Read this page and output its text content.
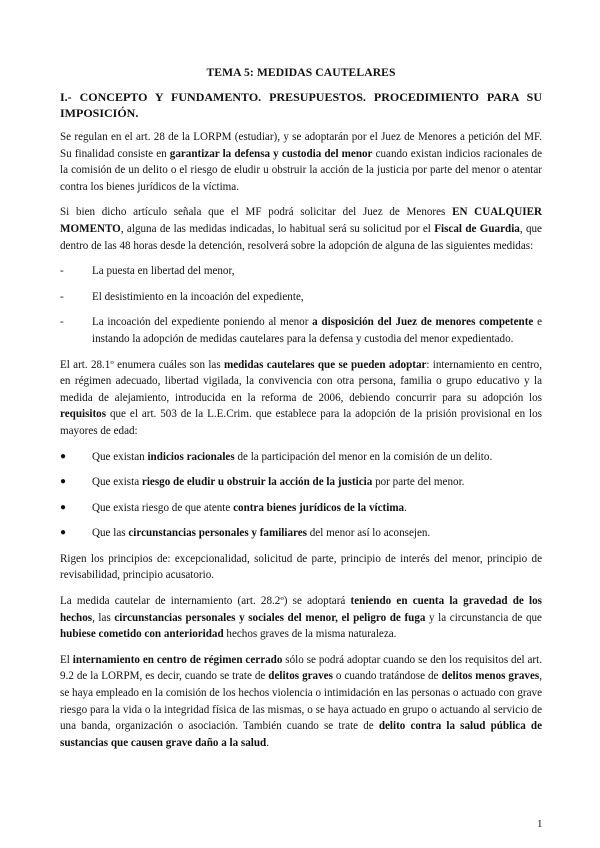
TEMA 5: MEDIDAS CAUTELARES
I.- CONCEPTO Y FUNDAMENTO. PRESUPUESTOS. PROCEDIMIENTO PARA SU IMPOSICIÓN.

Se regulan en el art. 28 de la LORPM (estudiar), y se adoptarán por el Juez de Menores a petición del MF. Su finalidad consiste en garantizar la defensa y custodia del menor cuando existan indicios racionales de la comisión de un delito o el riesgo de eludir u obstruir la acción de la justicia por parte del menor o atentar contra los bienes jurídicos de la víctima.

Si bien dicho artículo señala que el MF podrá solicitar del Juez de Menores EN CUALQUIER MOMENTO, alguna de las medidas indicadas, lo habitual será su solicitud por el Fiscal de Guardia, que dentro de las 48 horas desde la detención, resolverá sobre la adopción de alguna de las siguientes medidas:

-	La puesta en libertad del menor,
-	El desistimiento en la incoación del expediente,
-	La incoación del expediente poniendo al menor a disposición del Juez de menores competente e instando la adopción de medidas cautelares para la defensa y custodia del menor expedientado.

El art. 28.1º enumera cuáles son las medidas cautelares que se pueden adoptar: internamiento en centro, en régimen adecuado, libertad vigilada, la convivencia con otra persona, familia o grupo educativo y la medida de alejamiento, introducida en la reforma de 2006, debiendo concurrir para su adopción los requisitos que el art. 503 de la L.E.Crim. que establece para la adopción de la prisión provisional en los mayores de edad:

●	Que existan indicios racionales de la participación del menor en la comisión de un delito.
●	Que exista riesgo de eludir u obstruir la acción de la justicia por parte del menor.
●	Que exista riesgo de que atente contra bienes jurídicos de la víctima.
●	Que las circunstancias personales y familiares del menor así lo aconsejen.

Rigen los principios de: excepcionalidad, solicitud de parte, principio de interés del menor, principio de revisabilidad, principio acusatorio.

La medida cautelar de internamiento (art. 28.2º) se adoptará teniendo en cuenta la gravedad de los hechos, las circunstancias personales y sociales del menor, el peligro de fuga y la circunstancia de que hubiese cometido con anterioridad hechos graves de la misma naturaleza.

El internamiento en centro de régimen cerrado sólo se podrá adoptar cuando se den los requisitos del art. 9.2 de la LORPM, es decir, cuando se trate de delitos graves o cuando tratándose de delitos menos graves, se haya empleado en la comisión de los hechos violencia o intimidación en las personas o actuado con grave riesgo para la vida o la integridad física de las mismas, o se haya actuado en grupo o actuando al servicio de una banda, organización o asociación. También cuando se trate de delito contra la salud pública de sustancias que causen grave daño a la salud.

1
